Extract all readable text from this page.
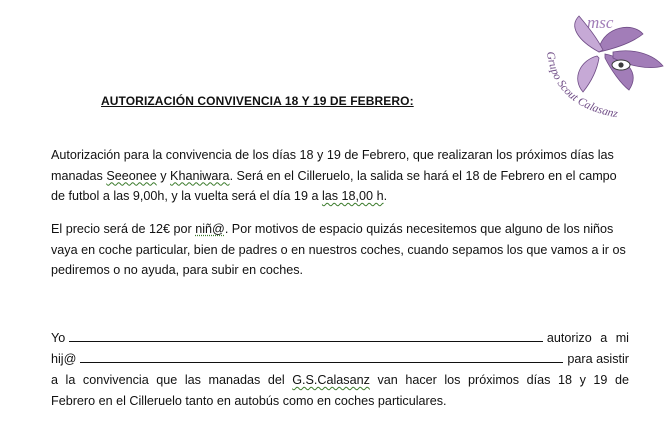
msc
Grupo Scout Calasanz
AUTORIZACIÓN CONVIVENCIA 18 Y 19 DE FEBRERO:

Autorización para la convivencia de los días 18 y 19 de Febrero, que realizaran los próximos días las manadas Seeonee y Khaniwara. Será en el Cilleruelo, la salida se hará el 18 de Febrero en el campo de futbol a las 9,00h, y la vuelta será el día 19 a las 18,00 h.

El precio será de 12€ por niñ@. Por motivos de espacio quizás necesitemos que alguno de los niños vaya en coche particular, bien de padres o en nuestros coches, cuando sepamos los que vamos a ir os pediremos o no ayuda, para subir en coches.

Yo	autorizo a mi
hij@	para asistir
a la convivencia que las manadas del G.S.Calasanz van hacer los próximos días 18 y 19 de
Febrero en el Cilleruelo tanto en autobús como en coches particulares.
